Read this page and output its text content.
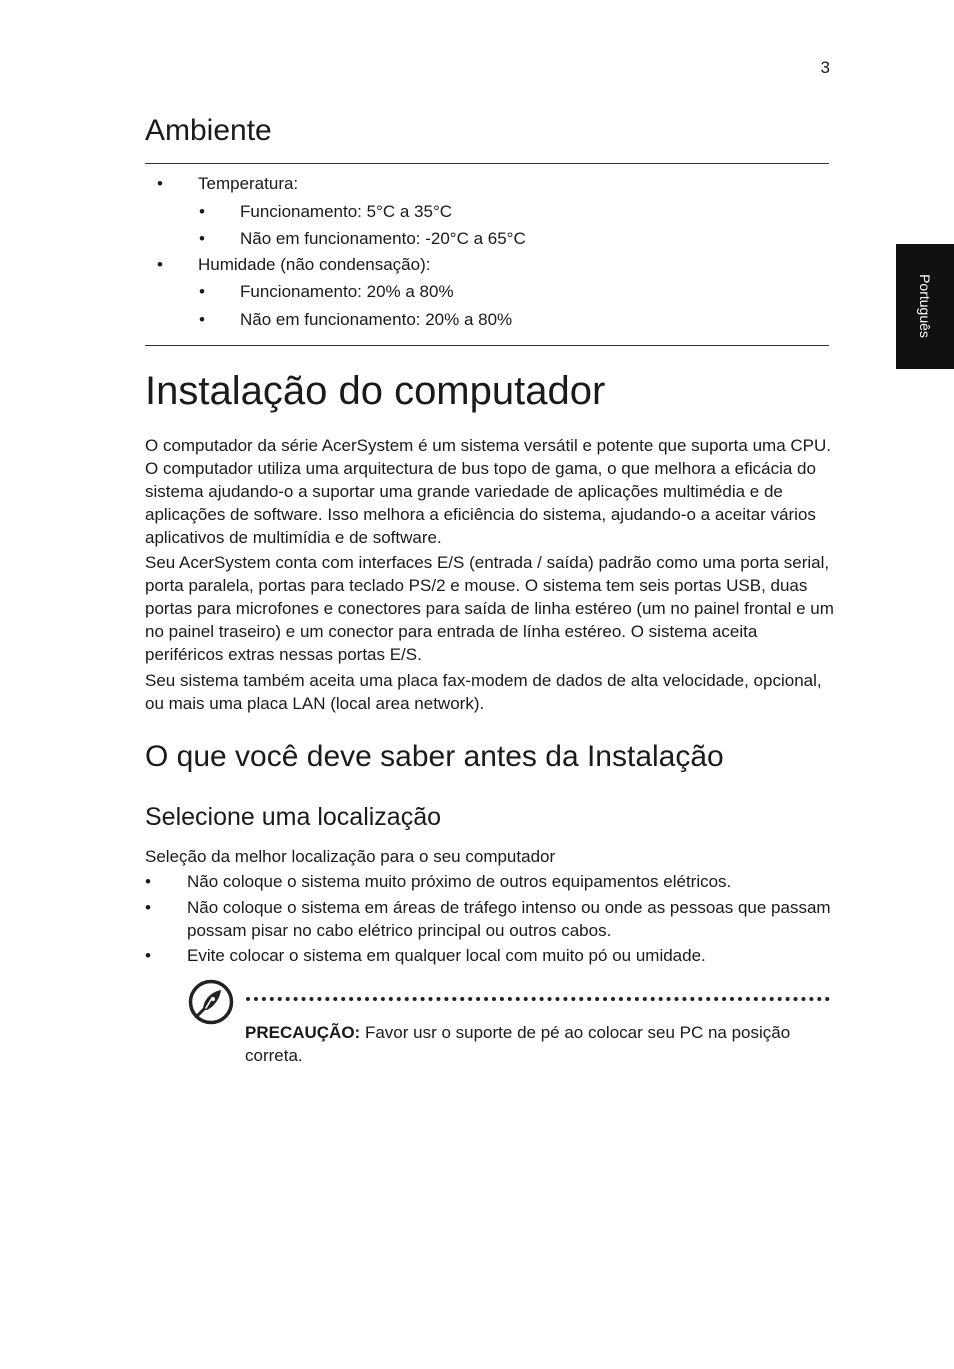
3
Português
Ambiente
• Temperatura:
• Funcionamento: 5°C a 35°C
• Não em funcionamento: -20°C a 65°C
• Humidade (não condensação):
• Funcionamento: 20% a 80%
• Não em funcionamento: 20% a 80%
Instalação do computador

O computador da série AcerSystem é um sistema versátil e potente que suporta uma CPU. O computador utiliza uma arquitectura de bus topo de gama, o que melhora a eficácia do sistema ajudando-o a suportar uma grande variedade de aplicações multimédia e de aplicações de software. Isso melhora a eficiência do sistema, ajudando-o a aceitar vários aplicativos de multimídia e de software.

Seu AcerSystem conta com interfaces E/S (entrada / saída) padrão como uma porta serial, porta paralela, portas para teclado PS/2 e mouse. O sistema tem seis portas USB, duas portas para microfones e conectores para saída de linha estéreo (um no painel frontal e um no painel traseiro) e um conector para entrada de línha estéreo. O sistema aceita periféricos extras nessas portas E/S.

Seu sistema também aceita uma placa fax-modem de dados de alta velocidade, opcional, ou mais uma placa LAN (local area network).

O que você deve saber antes da Instalação
Selecione uma localização
Seleção da melhor localização para o seu computador
• Não coloque o sistema muito próximo de outros equipamentos elétricos.
• Não coloque o sistema em áreas de tráfego intenso ou onde as pessoas que passam possam pisar no cabo elétrico principal ou outros cabos.
• Evite colocar o sistema em qualquer local com muito pó ou umidade.
PRECAUÇÃO: Favor usr o suporte de pé ao colocar seu PC na posição correta.
